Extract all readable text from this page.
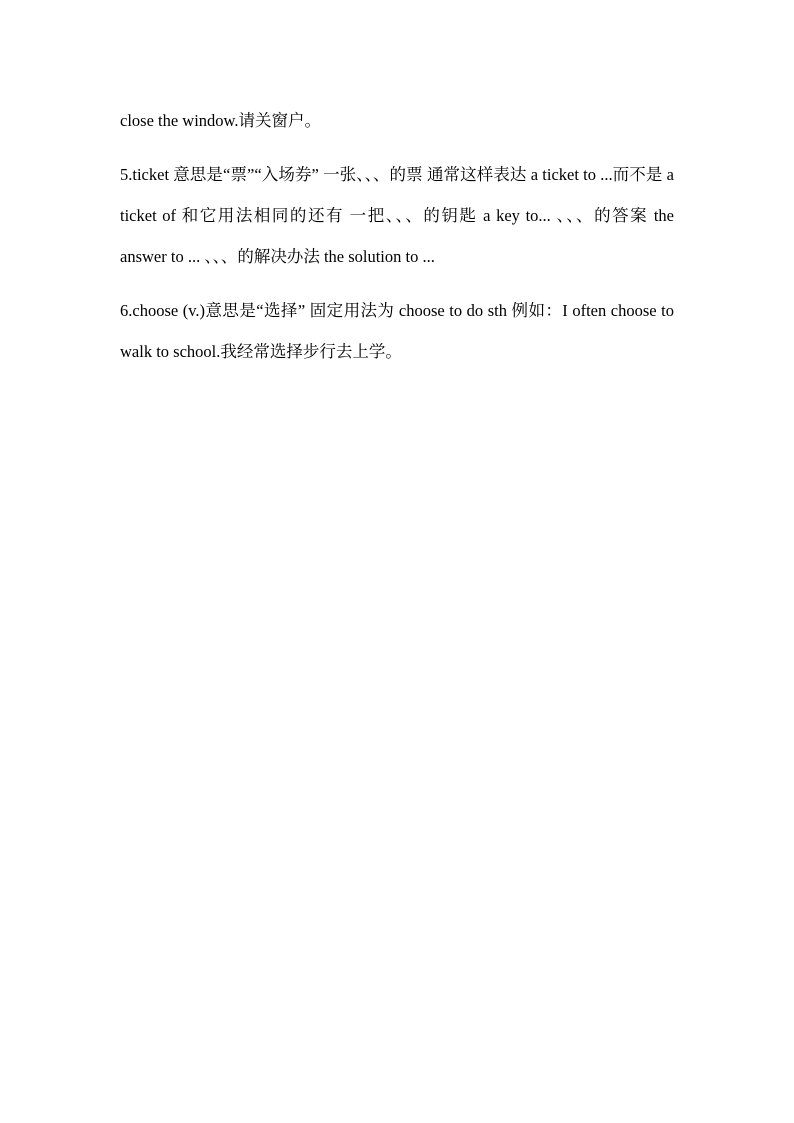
close the window.请关窗户。

5.ticket 意思是“票”“入场券” 一张、、、的票 通常这样表达 a ticket to ...而不是 a ticket of 和它用法相同的还有 一把、、、的钥匙 a key to... 、、、的答案 the answer to ... 、、、的解决办法 the solution to ...

6.choose (v.)意思是“选择” 固定用法为 choose to do sth 例如：I often choose to walk to school.我经常选择步行去上学。
